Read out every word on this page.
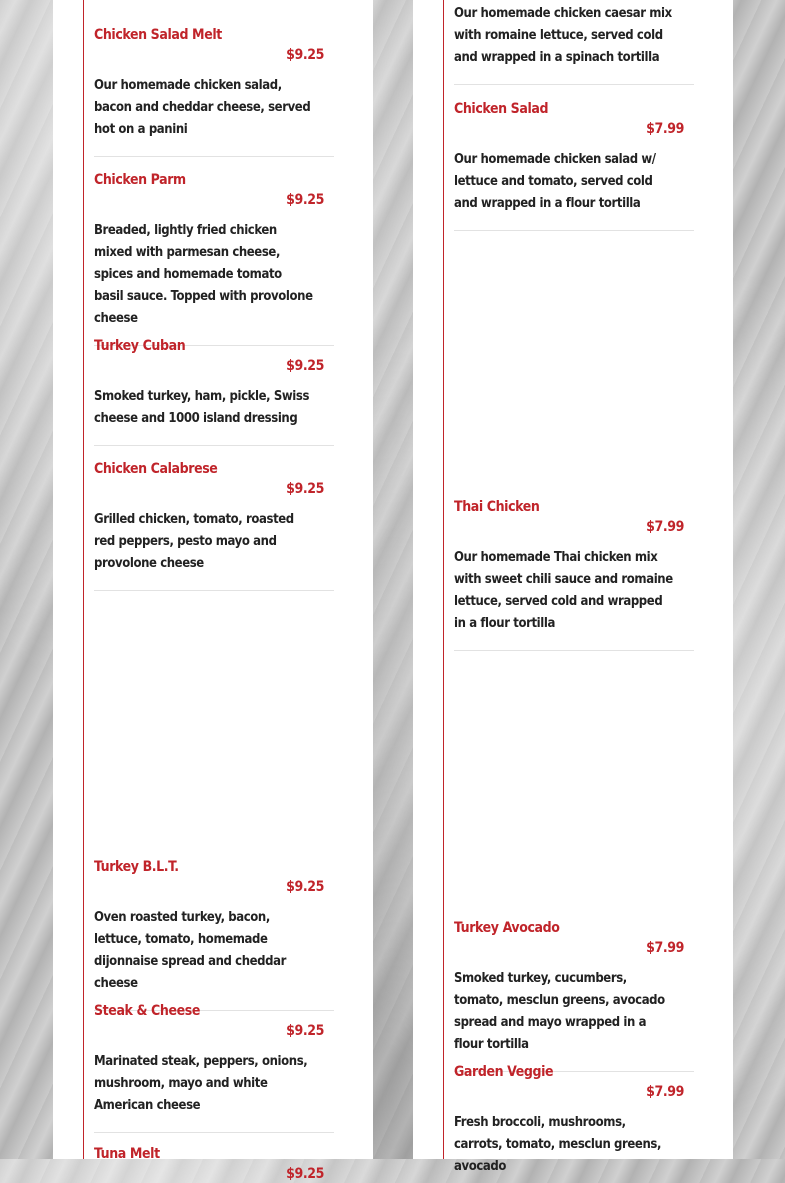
Chicken Salad Melt
$9.25
Our homemade chicken salad, bacon and cheddar cheese, served hot on a panini
Chicken Parm
$9.25
Breaded, lightly fried chicken mixed with parmesan cheese, spices and homemade tomato basil sauce. Topped with provolone cheese
Turkey Cuban
$9.25
Smoked turkey, ham, pickle, Swiss cheese and 1000 island dressing
Chicken Calabrese
$9.25
Grilled chicken, tomato, roasted red peppers, pesto mayo and provolone cheese
Turkey B.L.T.
$9.25
Oven roasted turkey, bacon, lettuce, tomato, homemade dijonnaise spread and cheddar cheese
Steak & Cheese
$9.25
Marinated steak, peppers, onions, mushroom, mayo and white American cheese
Tuna Melt
$9.25
Our homemade chicken caesar mix with romaine lettuce, served cold and wrapped in a spinach tortilla
Chicken Salad
$7.99
Our homemade chicken salad w/ lettuce and tomato, served cold and wrapped in a flour tortilla
Thai Chicken
$7.99
Our homemade Thai chicken mix with sweet chili sauce and romaine lettuce, served cold and wrapped in a flour tortilla
Turkey Avocado
$7.99
Smoked turkey, cucumbers, tomato, mesclun greens, avocado spread and mayo wrapped in a flour tortilla
Garden Veggie
$7.99
Fresh broccoli, mushrooms, carrots, tomato, mesclun greens, avocado
